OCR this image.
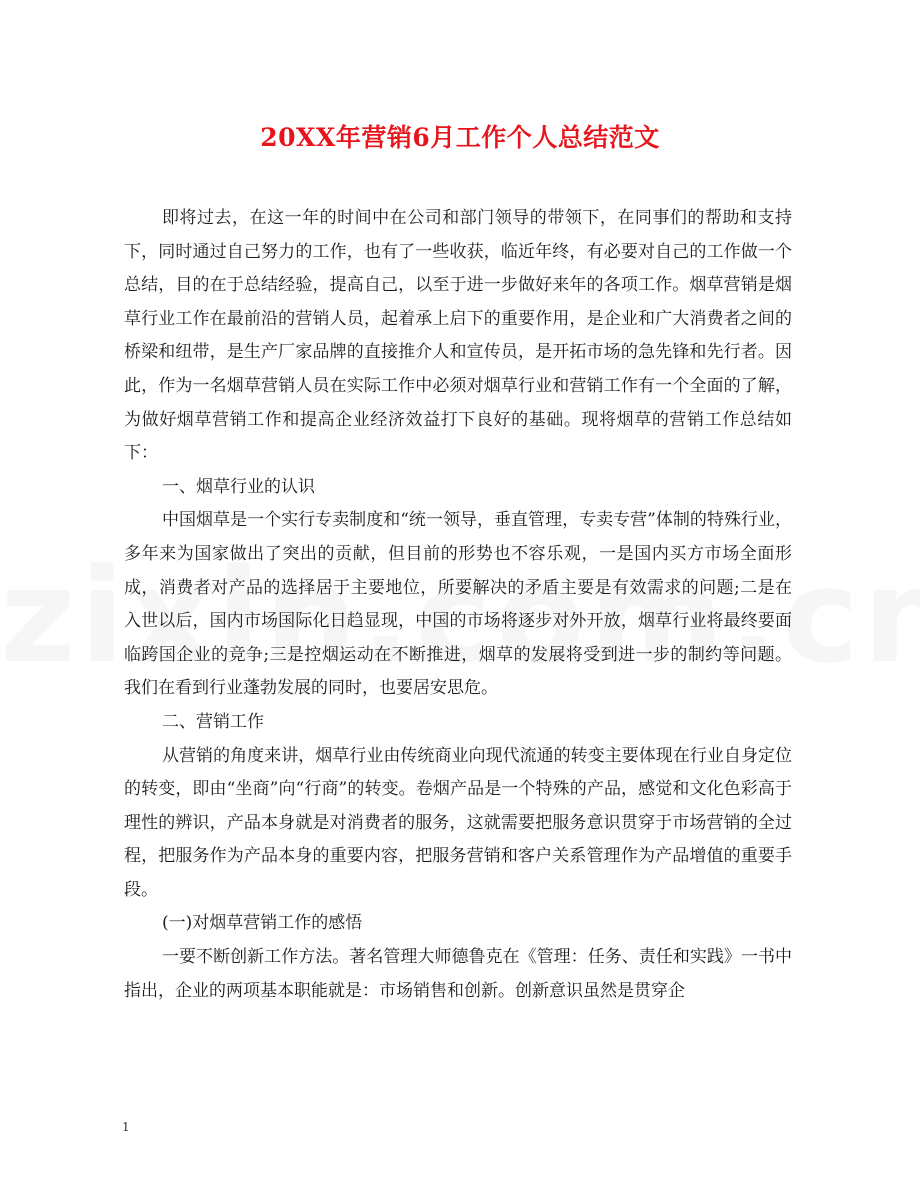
20XX年营销6月工作个人总结范文

即将过去，在这一年的时间中在公司和部门领导的带领下，在同事们的帮助和支持下，同时通过自己努力的工作，也有了一些收获，临近年终，有必要对自己的工作做一个总结，目的在于总结经验，提高自己，以至于进一步做好来年的各项工作。烟草营销是烟草行业工作在最前沿的营销人员，起着承上启下的重要作用，是企业和广大消费者之间的桥梁和纽带，是生产厂家品牌的直接推介人和宣传员，是开拓市场的急先锋和先行者。因此，作为一名烟草营销人员在实际工作中必须对烟草行业和营销工作有一个全面的了解，为做好烟草营销工作和提高企业经济效益打下良好的基础。现将烟草的营销工作总结如下：

一、烟草行业的认识

中国烟草是一个实行专卖制度和“统一领导，垂直管理，专卖专营”体制的特殊行业，多年来为国家做出了突出的贡献，但目前的形势也不容乐观，一是国内买方市场全面形成，消费者对产品的选择居于主要地位，所要解决的矛盾主要是有效需求的问题;二是在入世以后，国内市场国际化日趋显现，中国的市场将逐步对外开放，烟草行业将最终要面临跨国企业的竞争;三是控烟运动在不断推进，烟草的发展将受到进一步的制约等问题。我们在看到行业蓬勃发展的同时，也要居安思危。

二、营销工作

从营销的角度来讲，烟草行业由传统商业向现代流通的转变主要体现在行业自身定位的转变，即由“坐商”向“行商”的转变。卷烟产品是一个特殊的产品，感觉和文化色彩高于理性的辨识，产品本身就是对消费者的服务，这就需要把服务意识贯穿于市场营销的全过程，把服务作为产品本身的重要内容，把服务营销和客户关系管理作为产品增值的重要手段。

(一)对烟草营销工作的感悟

一要不断创新工作方法。著名管理大师德鲁克在《管理：任务、责任和实践》一书中指出，企业的两项基本职能就是：市场销售和创新。创新意识虽然是贯穿企

1
